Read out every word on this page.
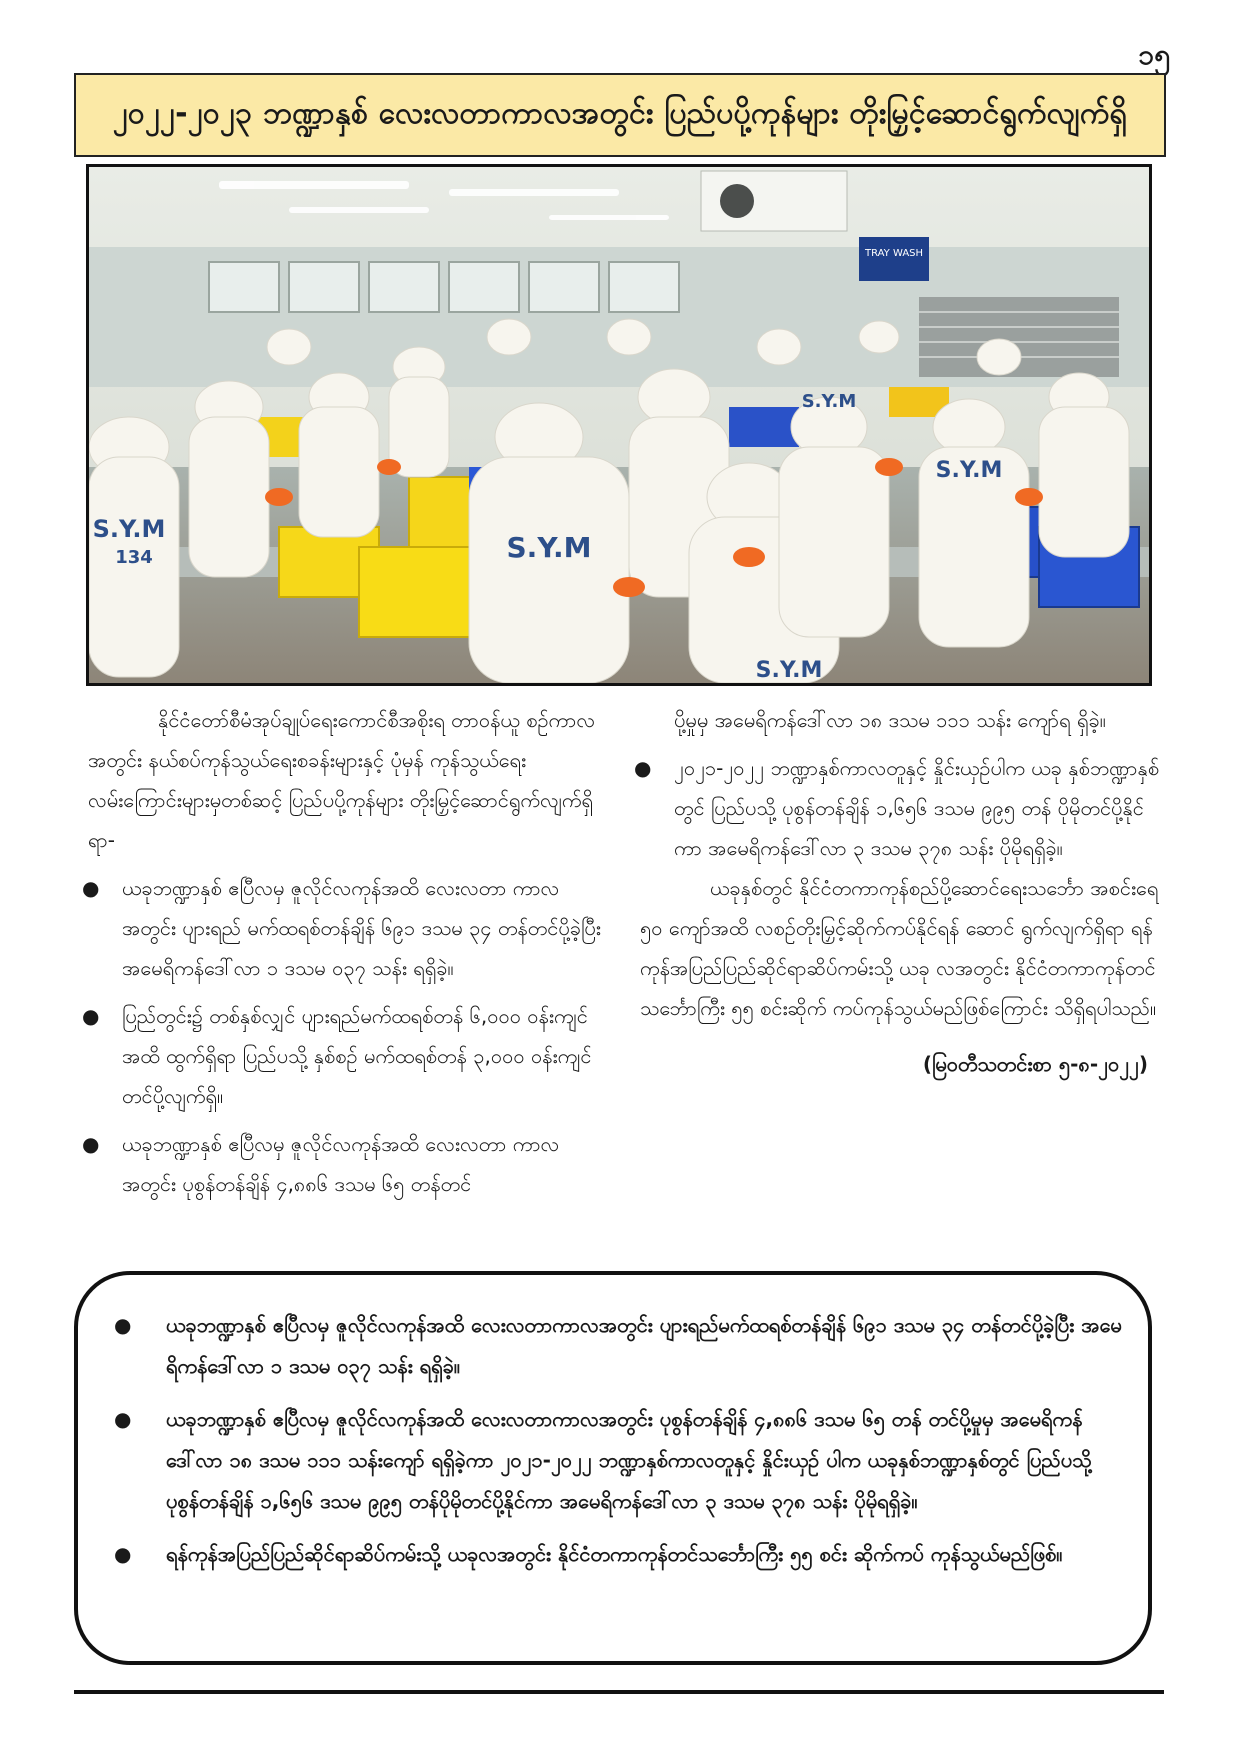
၁၅
၂၀၂၂-၂၀၂၃ ဘဏ္ဍာနှစ် လေးလတာကာလအတွင်း ပြည်ပပို့ကုန်များ တိုးမြှင့်ဆောင်ရွက်လျက်ရှိ
TRAY WASH
S.Y.M
134	S.Y.M
S.Y.M
S.Y.M
S.Y.M

နိုင်ငံတော်စီမံအုပ်ချုပ်ရေးကောင်စီအစိုးရ တာဝန်ယူ စဉ်ကာလအတွင်း နယ်စပ်ကုန်သွယ်ရေးစခန်းများနှင့် ပုံမှန် ကုန်သွယ်ရေးလမ်းကြောင်းများမှတစ်ဆင့် ပြည်ပပို့ကုန်များ တိုးမြှင့်ဆောင်ရွက်လျက်ရှိရာ-

● ယခုဘဏ္ဍာနှစ် ဧပြီလမှ ဇူလိုင်လကုန်အထိ လေးလတာ ကာလအတွင်း ပျားရည် မက်ထရစ်တန်ချိန် ၆၉၁ ဒသမ ၃၄ တန်တင်ပို့ခဲ့ပြီး အမေရိကန်ဒေါ်လာ ၁ ဒသမ ၀၃၇ သန်း ရရှိခဲ့။

● ပြည်တွင်း၌ တစ်နှစ်လျှင် ပျားရည်မက်ထရစ်တန် ၆,၀၀၀ ဝန်းကျင်အထိ ထွက်ရှိရာ ပြည်ပသို့ နှစ်စဉ် မက်ထရစ်တန် ၃,၀၀၀ ဝန်းကျင် တင်ပို့လျက်ရှိ။

● ယခုဘဏ္ဍာနှစ် ဧပြီလမှ ဇူလိုင်လကုန်အထိ လေးလတာ ကာလအတွင်း ပုစွန်တန်ချိန် ၄,၈၈၆ ဒသမ ၆၅ တန်တင်

ပို့မှုမှ အမေရိကန်ဒေါ်လာ ၁၈ ဒသမ ၁၁၁ သန်း ကျော်ရ ရှိခဲ့။

● ၂၀၂၁-၂၀၂၂ ဘဏ္ဍာနှစ်ကာလတူနှင့် နှိုင်းယှဉ်ပါက ယခု နှစ်ဘဏ္ဍာနှစ်တွင် ပြည်ပသို့ ပုစွန်တန်ချိန် ၁,၆၅၆ ဒသမ ၉၉၅ တန် ပိုမိုတင်ပို့နိုင်ကာ အမေရိကန်ဒေါ်လာ ၃ ဒသမ ၃၇၈ သန်း ပိုမိုရရှိခဲ့။

ယခုနှစ်တွင် နိုင်ငံတကာကုန်စည်ပို့ဆောင်ရေးသင်္ဘော အစင်းရေ ၅၀ ကျော်အထိ လစဉ်တိုးမြှင့်ဆိုက်ကပ်နိုင်ရန် ဆောင် ရွက်လျက်ရှိရာ ရန်ကုန်အပြည်ပြည်ဆိုင်ရာဆိပ်ကမ်းသို့ ယခု လအတွင်း နိုင်ငံတကာကုန်တင်သင်္ဘောကြီး ၅၅ စင်းဆိုက် ကပ်ကုန်သွယ်မည်ဖြစ်ကြောင်း သိရှိရပါသည်။

(မြဝတီသတင်းစာ ၅-၈-၂၀၂၂)

● ယခုဘဏ္ဍာနှစ် ဧပြီလမှ ဇူလိုင်လကုန်အထိ လေးလတာကာလအတွင်း ပျားရည်မက်ထရစ်တန်ချိန် ၆၉၁ ဒသမ ၃၄ တန်တင်ပို့ခဲ့ပြီး အမေရိကန်ဒေါ်လာ ၁ ဒသမ ၀၃၇ သန်း ရရှိခဲ့။
● ယခုဘဏ္ဍာနှစ် ဧပြီလမှ ဇူလိုင်လကုန်အထိ လေးလတာကာလအတွင်း ပုစွန်တန်ချိန် ၄,၈၈၆ ဒသမ ၆၅ တန် တင်ပို့မှုမှ အမေရိကန်ဒေါ်လာ ၁၈ ဒသမ ၁၁၁ သန်းကျော် ရရှိခဲ့ကာ ၂၀၂၁-၂၀၂၂ ဘဏ္ဍာနှစ်ကာလတူနှင့် နှိုင်းယှဉ် ပါက ယခုနှစ်ဘဏ္ဍာနှစ်တွင် ပြည်ပသို့ ပုစွန်တန်ချိန် ၁,၆၅၆ ဒသမ ၉၉၅ တန်ပိုမိုတင်ပို့နိုင်ကာ အမေရိကန်ဒေါ်လာ ၃ ဒသမ ၃၇၈ သန်း ပိုမိုရရှိခဲ့။
● ရန်ကုန်အပြည်ပြည်ဆိုင်ရာဆိပ်ကမ်းသို့ ယခုလအတွင်း နိုင်ငံတကာကုန်တင်သင်္ဘောကြီး ၅၅ စင်း ဆိုက်ကပ် ကုန်သွယ်မည်ဖြစ်။
